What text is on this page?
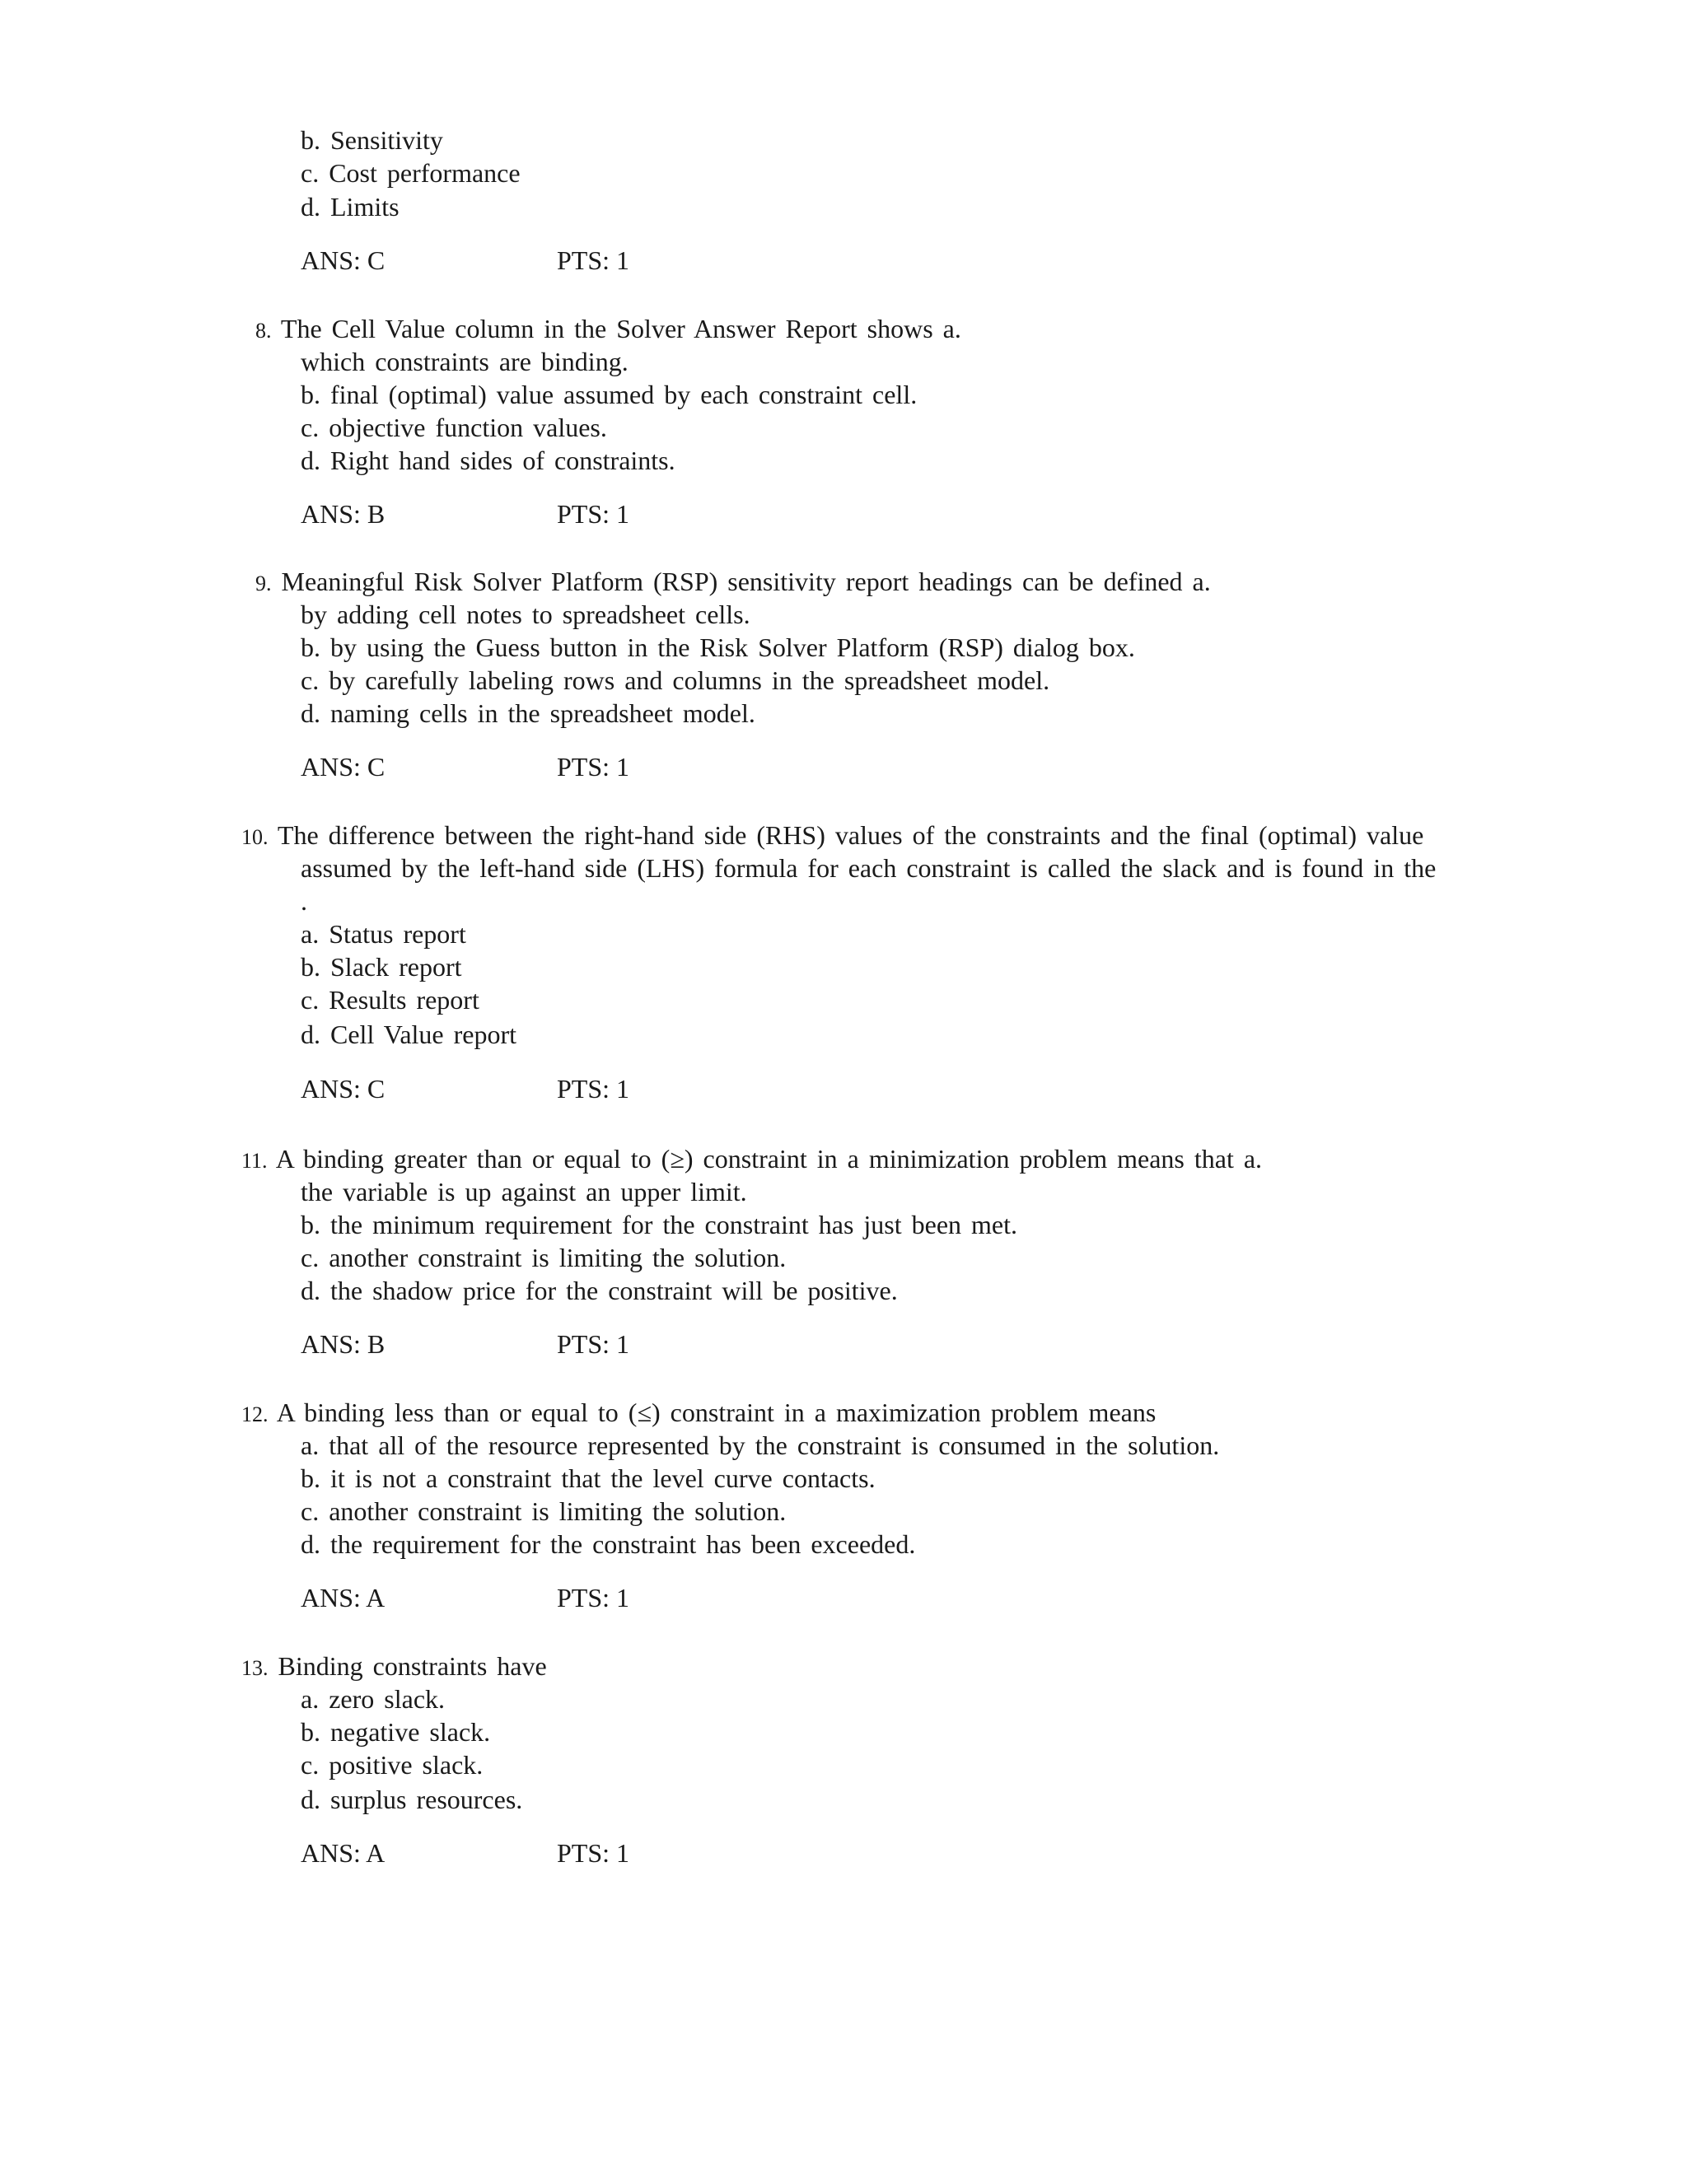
b. Sensitivity
c. Cost performance
d. Limits
ANS: C	PTS: 1
8. The Cell Value column in the Solver Answer Report shows a.
which constraints are binding.
b. final (optimal) value assumed by each constraint cell.
c. objective function values.
d. Right hand sides of constraints.
ANS: B	PTS: 1
9. Meaningful Risk Solver Platform (RSP) sensitivity report headings can be defined a.
by adding cell notes to spreadsheet cells.
b. by using the Guess button in the Risk Solver Platform (RSP) dialog box.
c. by carefully labeling rows and columns in the spreadsheet model.
d. naming cells in the spreadsheet model.
ANS: C	PTS: 1
10. The difference between the right-hand side (RHS) values of the constraints and the final (optimal) value
assumed by the left-hand side (LHS) formula for each constraint is called the slack and is found in the
.
a. Status report
b. Slack report
c. Results report
d. Cell Value report
ANS: C	PTS: 1
11. A binding greater than or equal to (≥) constraint in a minimization problem means that a.
the variable is up against an upper limit.
b. the minimum requirement for the constraint has just been met.
c. another constraint is limiting the solution.
d. the shadow price for the constraint will be positive.
ANS: B	PTS: 1
12. A binding less than or equal to (≤) constraint in a maximization problem means
a. that all of the resource represented by the constraint is consumed in the solution.
b. it is not a constraint that the level curve contacts.
c. another constraint is limiting the solution.
d. the requirement for the constraint has been exceeded.
ANS: A	PTS: 1
13. Binding constraints have
a. zero slack.
b. negative slack.
c. positive slack.
d. surplus resources.
ANS: A	PTS: 1
